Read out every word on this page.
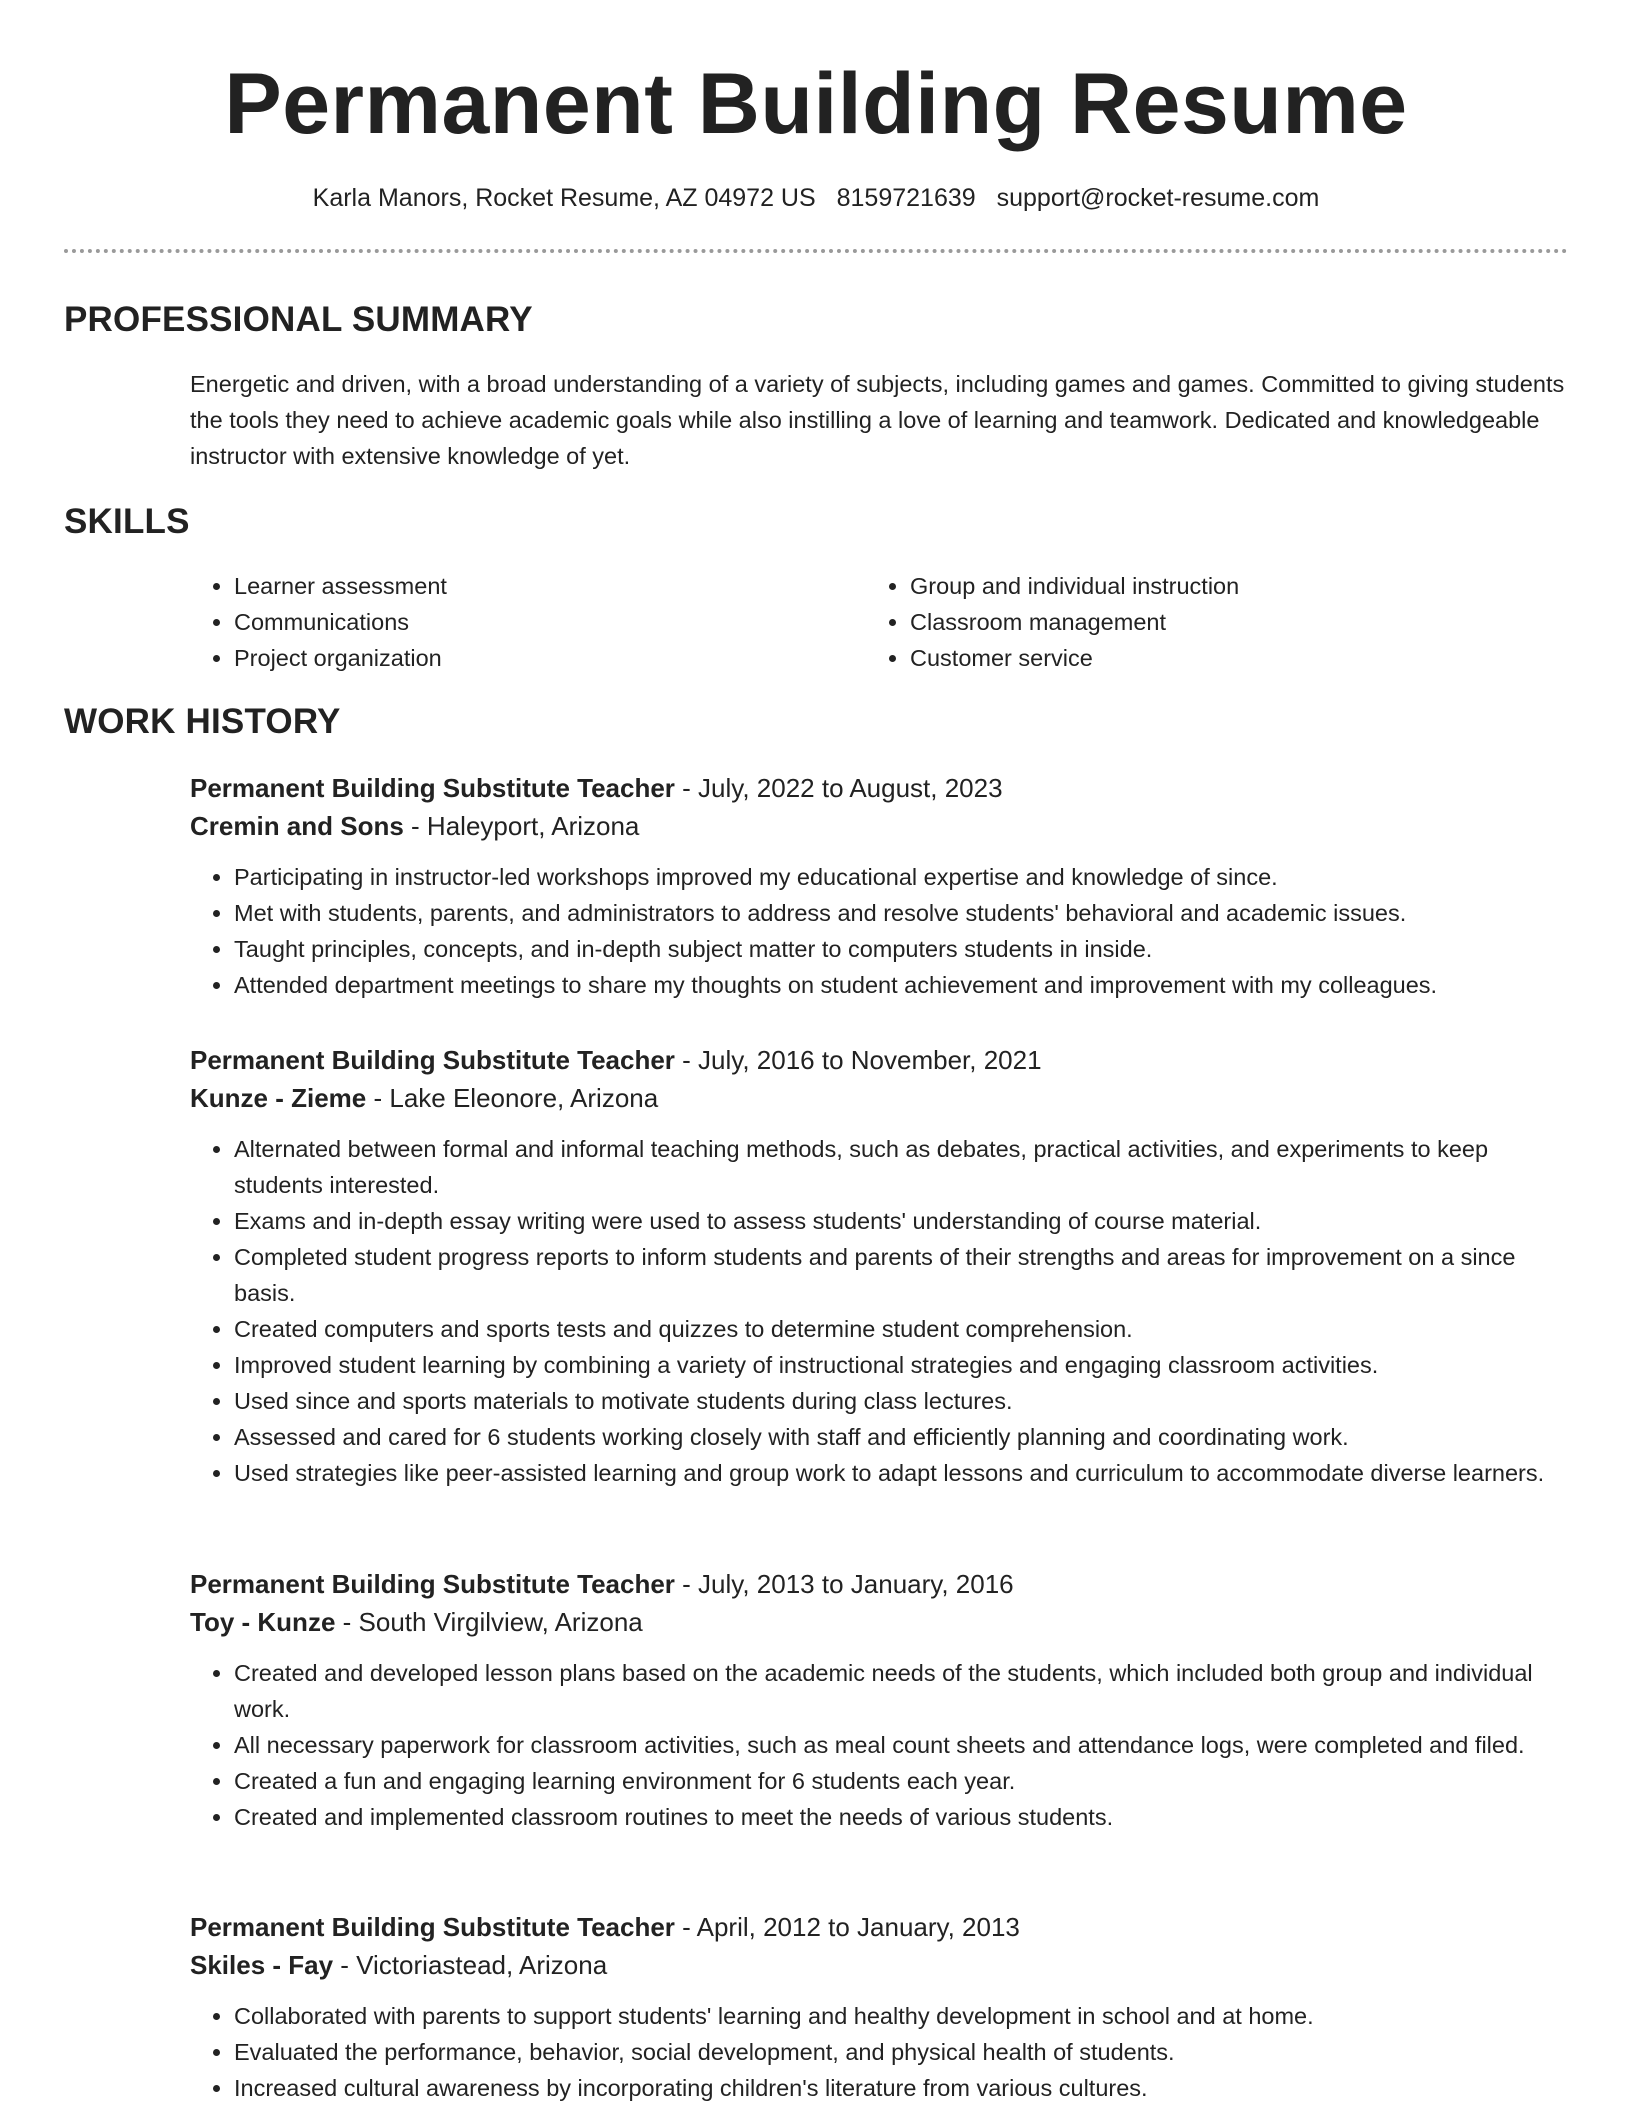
Permanent Building Resume
Karla Manors, Rocket Resume, AZ 04972 US 8159721639 support@rocket-resume.com
PROFESSIONAL SUMMARY

Energetic and driven, with a broad understanding of a variety of subjects, including games and games. Committed to giving students the tools they need to achieve academic goals while also instilling a love of learning and teamwork. Dedicated and knowledgeable instructor with extensive knowledge of yet.

SKILLS
• Learner assessment
• Communications
• Project organization
• Group and individual instruction
• Classroom management
• Customer service
WORK HISTORY
Permanent Building Substitute Teacher - July, 2022 to August, 2023
Cremin and Sons - Haleyport, Arizona
• Participating in instructor-led workshops improved my educational expertise and knowledge of since.
• Met with students, parents, and administrators to address and resolve students' behavioral and academic issues.
• Taught principles, concepts, and in-depth subject matter to computers students in inside.
• Attended department meetings to share my thoughts on student achievement and improvement with my colleagues.
Permanent Building Substitute Teacher - July, 2016 to November, 2021
Kunze - Zieme - Lake Eleonore, Arizona
• Alternated between formal and informal teaching methods, such as debates, practical activities, and experiments to keep students interested.
• Exams and in-depth essay writing were used to assess students' understanding of course material.
• Completed student progress reports to inform students and parents of their strengths and areas for improvement on a since basis.
• Created computers and sports tests and quizzes to determine student comprehension.
• Improved student learning by combining a variety of instructional strategies and engaging classroom activities.
• Used since and sports materials to motivate students during class lectures.
• Assessed and cared for 6 students working closely with staff and efficiently planning and coordinating work.
• Used strategies like peer-assisted learning and group work to adapt lessons and curriculum to accommodate diverse learners.
Permanent Building Substitute Teacher - July, 2013 to January, 2016
Toy - Kunze - South Virgilview, Arizona
• Created and developed lesson plans based on the academic needs of the students, which included both group and individual work.
• All necessary paperwork for classroom activities, such as meal count sheets and attendance logs, were completed and filed.
• Created a fun and engaging learning environment for 6 students each year.
• Created and implemented classroom routines to meet the needs of various students.
Permanent Building Substitute Teacher - April, 2012 to January, 2013
Skiles - Fay - Victoriastead, Arizona
• Collaborated with parents to support students' learning and healthy development in school and at home.
• Evaluated the performance, behavior, social development, and physical health of students.
• Increased cultural awareness by incorporating children's literature from various cultures.
